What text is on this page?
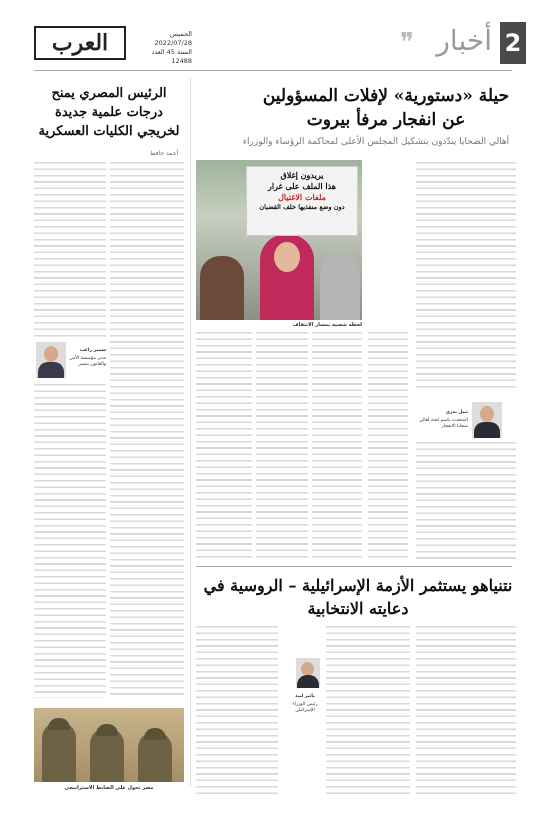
2
أخبار
❞
العرب	الخميس 2022/07/28
السنة 45 العدد 12488
حيلة «دستورية» لإفلات المسؤولين عن انفجار مرفأ بيروت
أهالي الضحايا يندّدون بتشكيل المجلس الأعلى لمحاكمة الرؤساء والوزراء
الرئيس المصري يمنح درجات علمية جديدة لخريجي الكليات العسكرية
أحمد حافظ
يريدون إغلاق
هذا الملف على غرار
ملفات الاغتيال
دون وضع منفذيها خلف القضبان
لحظة شعبية بمسار الانتقاف
نبيل بدري
المتحدث باسم لجنة أهالي ضحايا الانفجار
سمير راغب
مدير مؤسسة الأمن والقانون بمصر
مصر تحول على الضابط الاستراتيجي
نتنياهو يستثمر الأزمة الإسرائيلية – الروسية في دعايته الانتخابية
يائير لبيد
رئيس الوزراء الإسرائيلي
